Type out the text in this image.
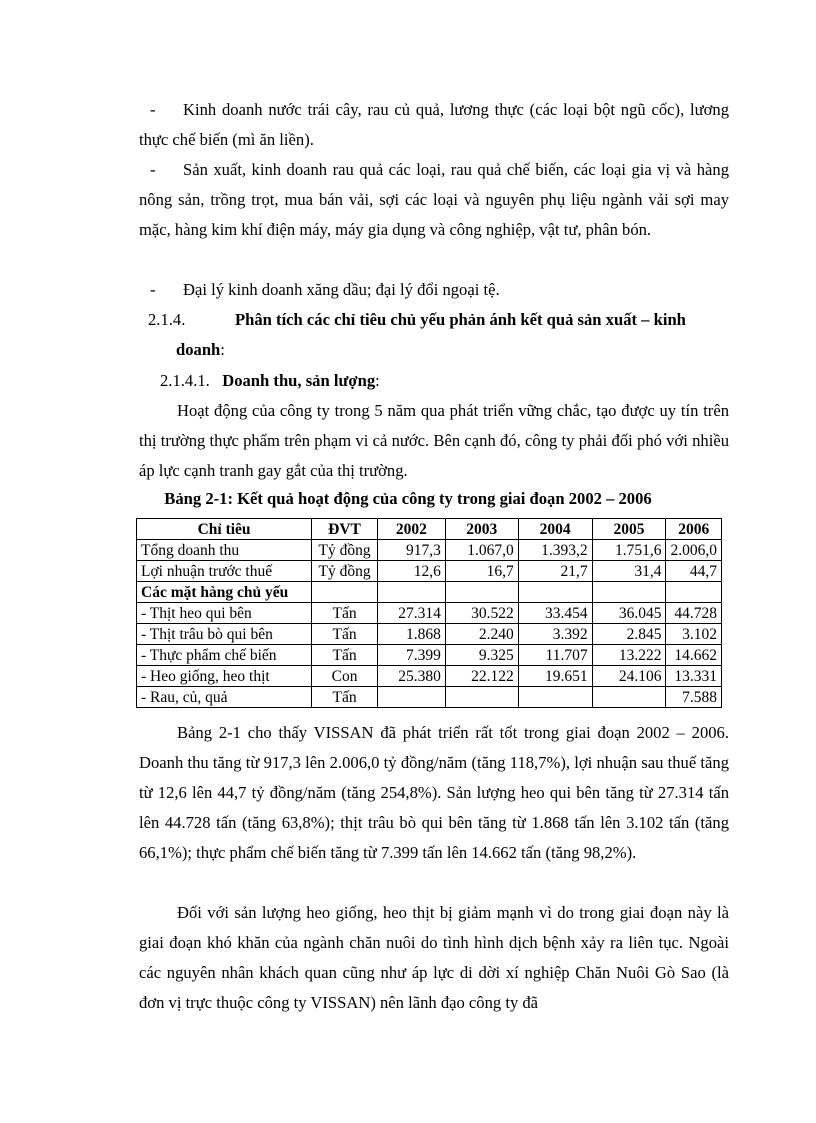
- Kinh doanh nước trái cây, rau củ quả, lương thực (các loại bột ngũ cốc), lương thực chế biến (mì ăn liền).

- Sản xuất, kinh doanh rau quả các loại, rau quả chế biến, các loại gia vị và hàng nông sản, trồng trọt, mua bán vải, sợi các loại và nguyên phụ liệu ngành vải sợi may mặc, hàng kim khí điện máy, máy gia dụng và công nghiệp, vật tư, phân bón.

- Đại lý kinh doanh xăng dầu; đại lý đổi ngoại tệ.

2.1.4.	Phân tích các chỉ tiêu chủ yếu phản ánh kết quả sản xuất – kinh
doanh:
2.1.4.1. Doanh thu, sản lượng:

Hoạt động của công ty trong 5 năm qua phát triển vững chắc, tạo được uy tín trên thị trường thực phẩm trên phạm vi cả nước. Bên cạnh đó, công ty phải đối phó với nhiều áp lực cạnh tranh gay gắt của thị trường.

Bảng 2-1: Kết quả hoạt động của công ty trong giai đoạn 2002 – 2006
Chỉ tiêu	ĐVT	2002	2003	2004	2005	2006
Tổng doanh thu	Tỷ đồng	917,3	1.067,0	1.393,2	1.751,6	2.006,0
Lợi nhuận trước thuế	Tỷ đồng	12,6	16,7	21,7	31,4	44,7
Các mặt hàng chủ yếu						
- Thịt heo qui bên	Tấn	27.314	30.522	33.454	36.045	44.728
- Thịt trâu bò qui bên	Tấn	1.868	2.240	3.392	2.845	3.102
- Thực phẩm chế biến	Tấn	7.399	9.325	11.707	13.222	14.662
- Heo giống, heo thịt	Con	25.380	22.122	19.651	24.106	13.331
- Rau, củ, quả	Tấn					7.588

Bảng 2-1 cho thấy VISSAN đã phát triển rất tốt trong giai đoạn 2002 – 2006. Doanh thu tăng từ 917,3 lên 2.006,0 tỷ đồng/năm (tăng 118,7%), lợi nhuận sau thuế tăng từ 12,6 lên 44,7 tỷ đồng/năm (tăng 254,8%). Sản lượng heo qui bên tăng từ 27.314 tấn lên 44.728 tấn (tăng 63,8%); thịt trâu bò qui bên tăng từ 1.868 tấn lên 3.102 tấn (tăng 66,1%); thực phẩm chế biến tăng từ 7.399 tấn lên 14.662 tấn (tăng 98,2%).

Đối với sản lượng heo giống, heo thịt bị giảm mạnh vì do trong giai đoạn này là giai đoạn khó khăn của ngành chăn nuôi do tình hình dịch bệnh xảy ra liên tục. Ngoài các nguyên nhân khách quan cũng như áp lực di dời xí nghiệp Chăn Nuôi Gò Sao (là đơn vị trực thuộc công ty VISSAN) nên lãnh đạo công ty đã
